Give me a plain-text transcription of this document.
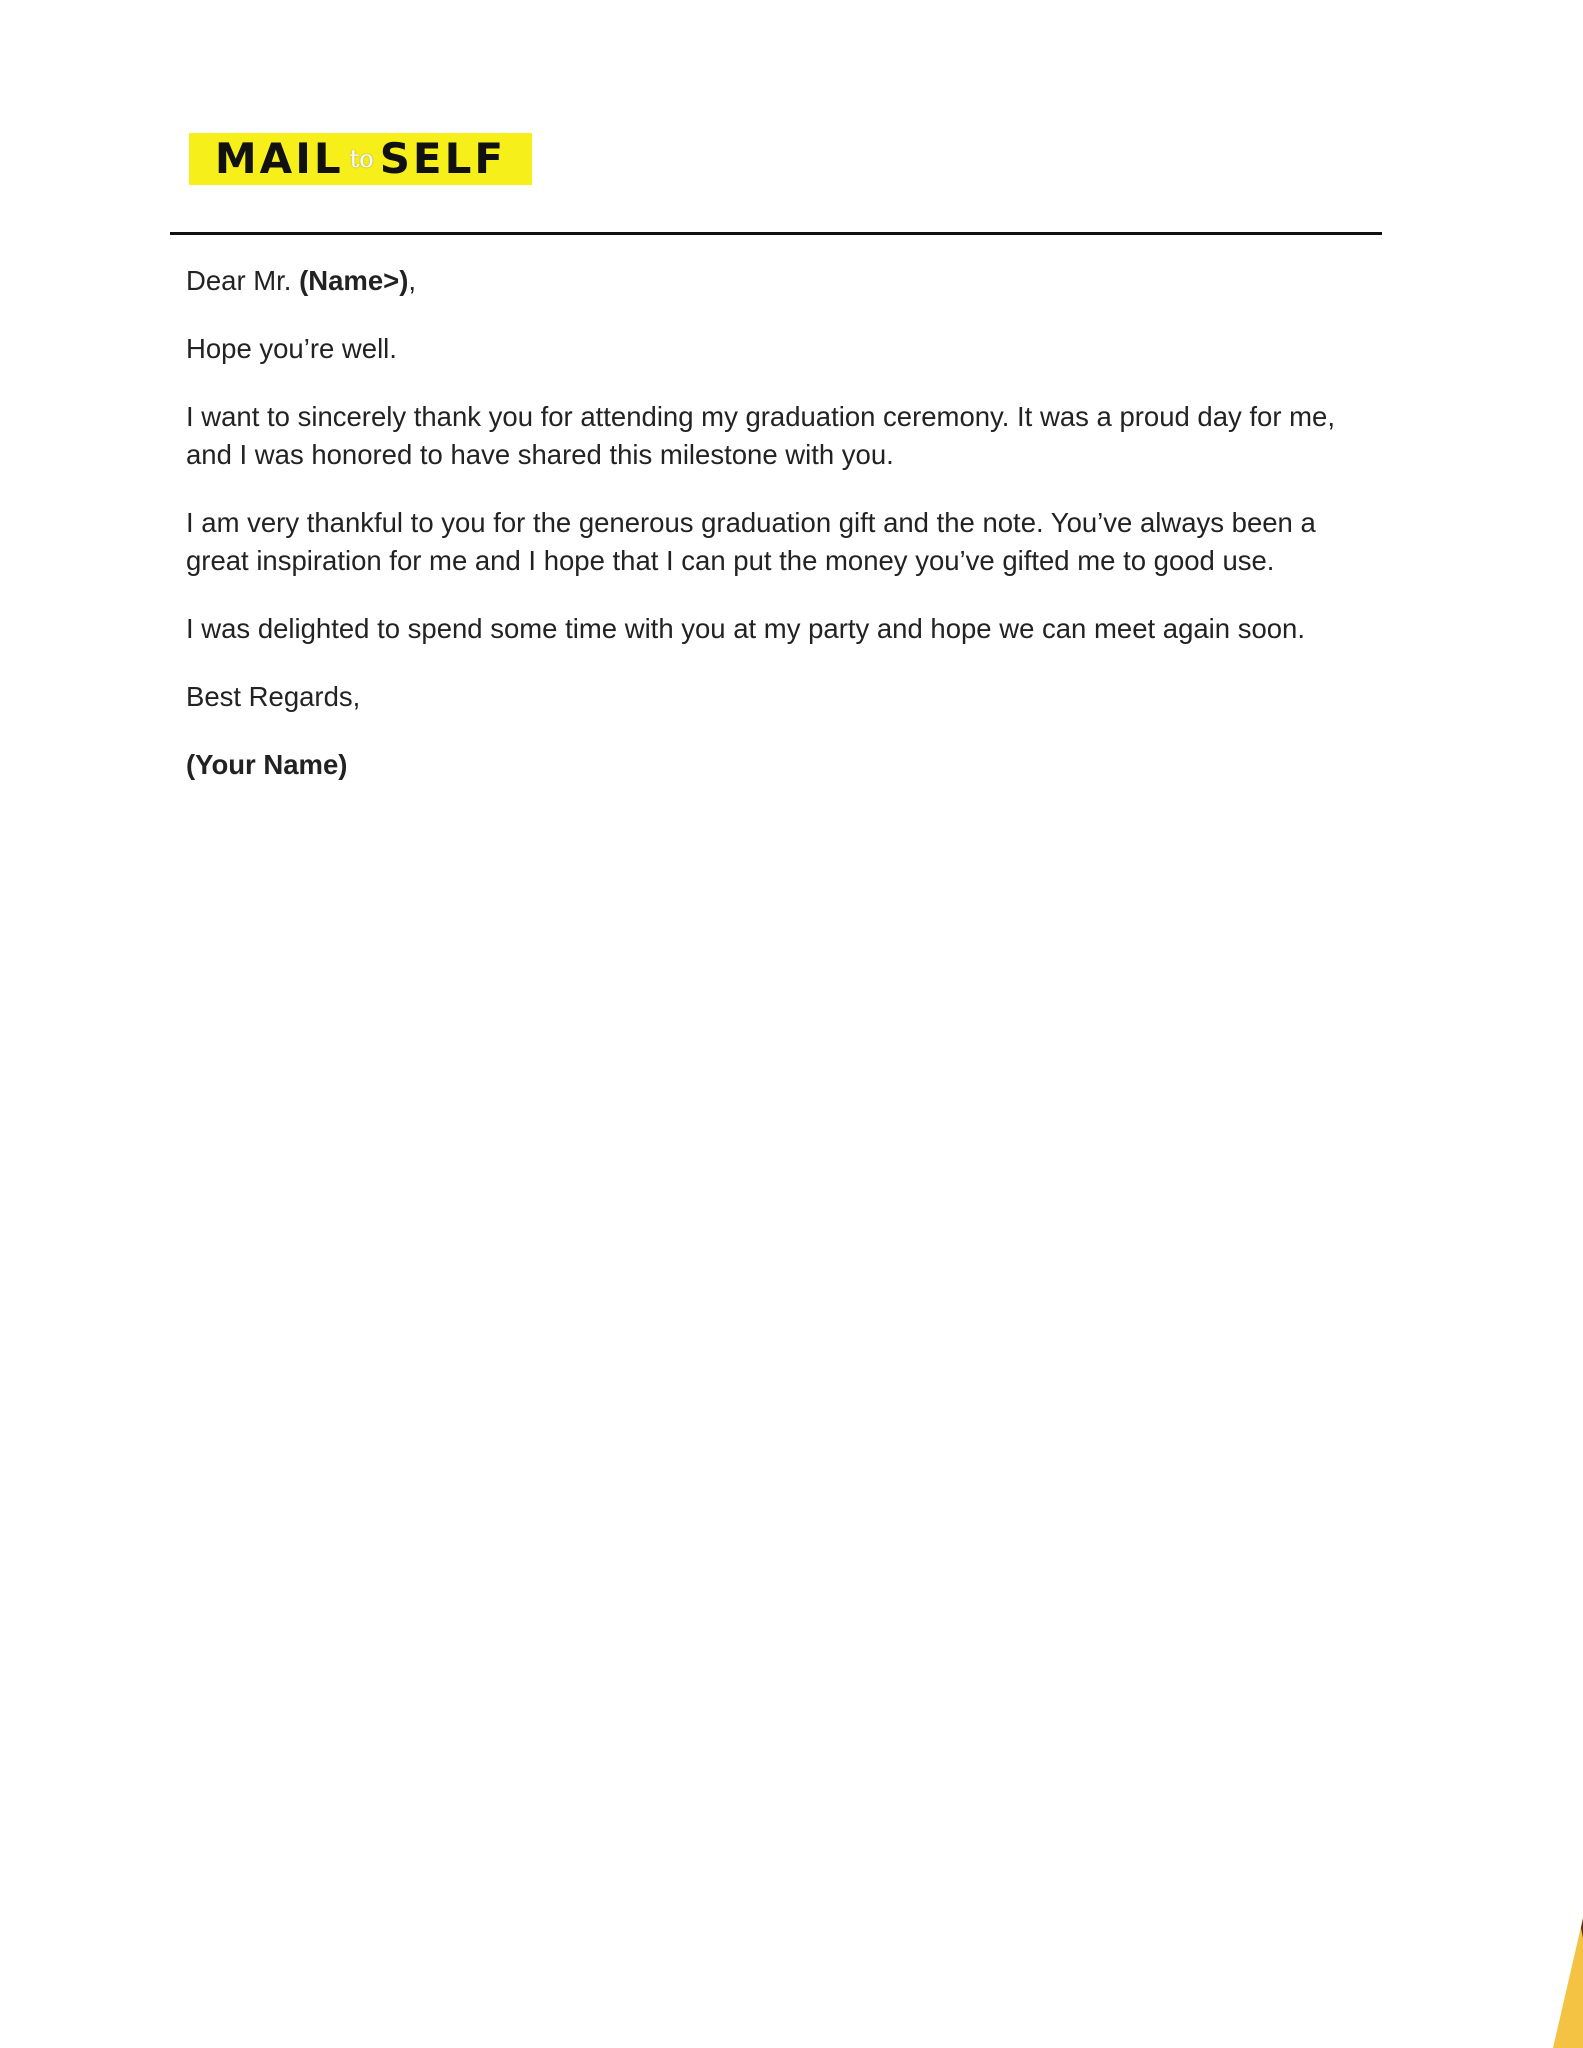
MAIL to SELF

Dear Mr. (Name>),

Hope you’re well.

I want to sincerely thank you for attending my graduation ceremony. It was a proud day for me, and I was honored to have shared this milestone with you.

I am very thankful to you for the generous graduation gift and the note. You’ve always been a great inspiration for me and I hope that I can put the money you’ve gifted me to good use.

I was delighted to spend some time with you at my party and hope we can meet again soon.

Best Regards,

(Your Name)
